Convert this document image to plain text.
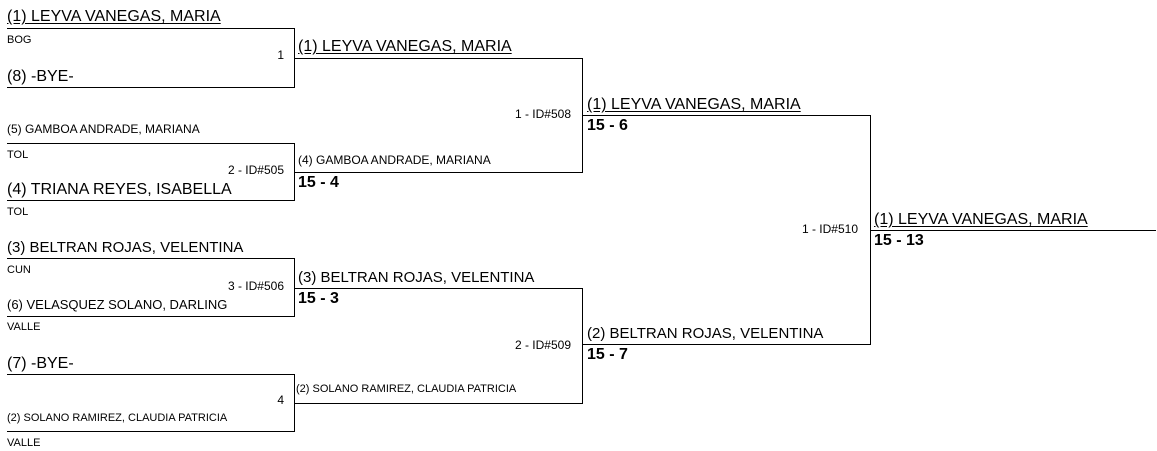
(1) LEYVA VANEGAS, MARIA
BOG
1
(8) -BYE-
(5) GAMBOA ANDRADE, MARIANA
TOL
2 - ID#505
(4) TRIANA REYES, ISABELLA
TOL
(3) BELTRAN ROJAS, VELENTINA
CUN
3 - ID#506
(6) VELASQUEZ SOLANO, DARLING
VALLE
(7) -BYE-
4
(2) SOLANO RAMIREZ, CLAUDIA PATRICIA
VALLE
(1) LEYVA VANEGAS, MARIA
1 - ID#508
(4) GAMBOA ANDRADE, MARIANA
15 - 4
(3) BELTRAN ROJAS, VELENTINA
15 - 3
2 - ID#509
(2) SOLANO RAMIREZ, CLAUDIA PATRICIA
(1) LEYVA VANEGAS, MARIA
15 - 6
1 - ID#510
(2) BELTRAN ROJAS, VELENTINA
15 - 7
(1) LEYVA VANEGAS, MARIA
15 - 13
